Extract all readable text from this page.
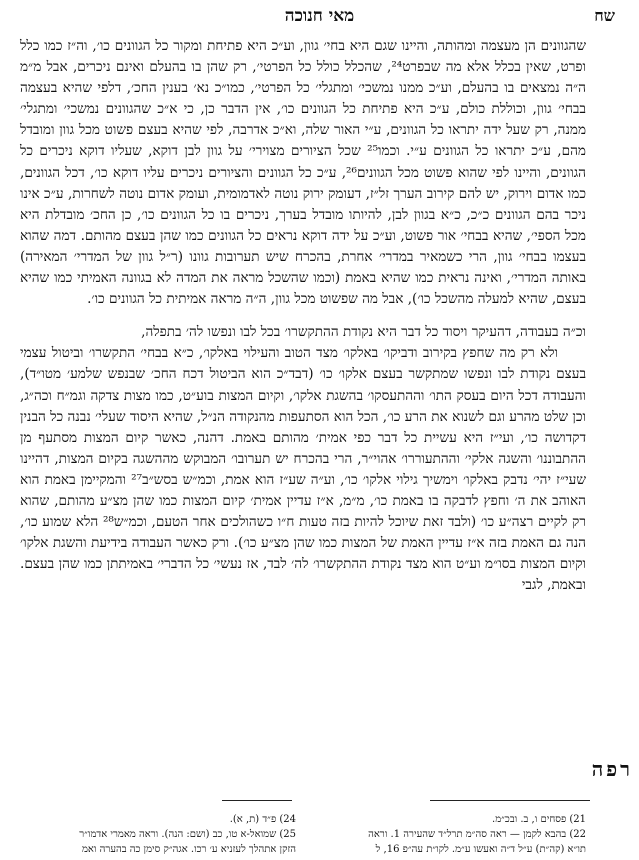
שח
מאי חנוכה

שהגוונים הן מעצמה ומהותה, והיינו שגם היא בחי׳ גוון, וע״כ היא פתיחת ומקור כל הגוונים כו׳, וה״ז כמו כלל ופרט, שאין בכלל אלא מה שבפרט²⁴, שהכלל כולל כל הפרטי׳, רק שהן בו בהעלם ואינם ניכרים, אבל מ״מ ה״ה נמצאים בו בהעלם, וע״כ ממנו נמשכי׳ ומתגלי׳ כל הפרטי׳, כמו״כ נא׳ בענין החכ׳, דלפי שהיא בעצמה בבחי׳ גוון, וכוללת כולם, ע״כ היא פתיחת כל הגוונים כו׳, אין הדבר כן, כי א״כ שהגוונים נמשכי׳ ומתגלי׳ ממנה, רק שעל ידה יתראו כל הגוונים, ע״י האור שלה, וא״כ אדרבה, לפי שהיא בעצם פשוט מכל גוון ומובדל מהם, ע״כ יתראו כל הגוונים ע״י. וכמו²⁵ שכל הציורים מצוירי׳ על גוון לבן דוקא, שעליו דוקא ניכרים כל הגוונים, והיינו לפי שהוא פשוט מכל הגוונים²⁶, ע״כ כל הגוונים והציורים ניכרים עליו דוקא כו׳, דכל הגוונים, כמו אדום וירוק, יש להם קירוב הערך זל״ז, דעומק ירוק נוטה לאדמומית, ועומק אדום נוטה לשחרות, ע״כ אינו ניכר בהם הגוונים כ״כ, כ״א בגוון לבן, להיותו מובדל בערך, ניכרים בו כל הגוונים כו׳, כן החכ׳ מובדלת היא מכל הספי׳, שהיא בבחי׳ אור פשוט, וע״כ על ידה דוקא נראים כל הגוונים כמו שהן בעצם מהותם. דמה שהוא בעצמו בבחי׳ גוון, הרי כשמאיר במדרי׳ אחרת, בהכרח שיש תערובות גוונו (ר״ל גוון של המדרי׳ המאירה) באותה המדרי׳, ואינה נראית כמו שהיא באמת (וכמו שהשכל מראה את המדה לא בגוונה האמיתי כמו שהיא בעצם, שהיא למעלה מהשכל כו׳), אבל מה שפשוט מכל גוון, ה״ה מראה אמיתית כל הגוונים כו׳.

וכ״ה בעבודה, דהעיקר ויסוד כל דבר היא נקודת ההתקשרו׳ בכל לבו ונפשו לה׳ בתפלה,

ולא רק מה שחפץ בקירוב ודביקו׳ באלקו׳ מצד הטוב והעילוי באלקו׳, כ״א בבחי׳ התקשרו׳ וביטול עצמי בעצם נקודת לבו ונפשו שמתקשר בעצם אלקו׳ כו׳ (דבד״כ הוא הביטול דכח החכ׳ שבנפש שלמע׳ מטו״ד), והעבודה דכל היום בעסק התו׳ וההתעסקו׳ בהשגת אלקו׳, וקיום המצות בוע״ט, כמו מצות צדקה וגמ״ח וכה״ג, וכן שלט מהרע וגם לשנוא את הרע כו׳, הכל הוא הסתעפות מהנקודה הנ״ל, שהיא היסוד שעלי׳ נבנה כל הבנין דקדושה כו׳, ועי״ז היא עשיית כל דבר כפי אמית׳ מהותם באמת. דהנה, כאשר קיום המצות מסתעף מן ההתבוננו׳ והשגה אלקי׳ וההתעוררו׳ אהוי״ר, הרי בהכרח יש תערובו׳ המבוקש מההשגה בקיום המצות, דהיינו שעי״ז יהי׳ נדבק באלקו׳ וימשיך גילוי אלקו׳ כו׳, וע״ה שע״ז הוא אמת, וכמ״ש בסש״ב²⁷ והמקיימן באמת הוא האוהב את ה׳ וחפץ לדבקה בו באמת כו׳, מ״מ, א״ז עדיין אמית׳ קיום המצות כמו שהן מצ״ע מהותם, שהוא רק לקיים רצה״ע כו׳ (ולבד זאת שיוכל להיות בזה טעות ח״ו כשהולכים אחר הטעם, וכמ״ש²⁸ הלא שמוע כו׳, הנה גם האמת בזה א״ז עדיין האמת של המצות כמו שהן מצ״ע כו׳). ורק כאשר העבודה בידיעת והשגת אלקו׳ וקיום המצות בסו״מ וע״ט הוא מצד נקודת ההתקשרו׳ לה׳ לבד, אז נעשי׳ כל הדברי׳ באמיתתן כמו שהן בעצם. ובאמת, לגבי

רפה
21) פסחים ו, ב. ובכ״מ.
22) בהבא לקמן — ראה סה״מ תרל״ד שהעירה 1. וראה
תו״א (קה״ת) ע״ל ד״ה ואעשו ע״מ. לקו״ת עה״פ 16, ל
24) פ״ד (ת, א).
25) שמואל-א טו, כב (ושם: הנה). וראה מאמרי אדמו״ר
הזקן אתהלך לעזניא ע׳ רכו. אגה״ק סימן כה בהערה ואמ
